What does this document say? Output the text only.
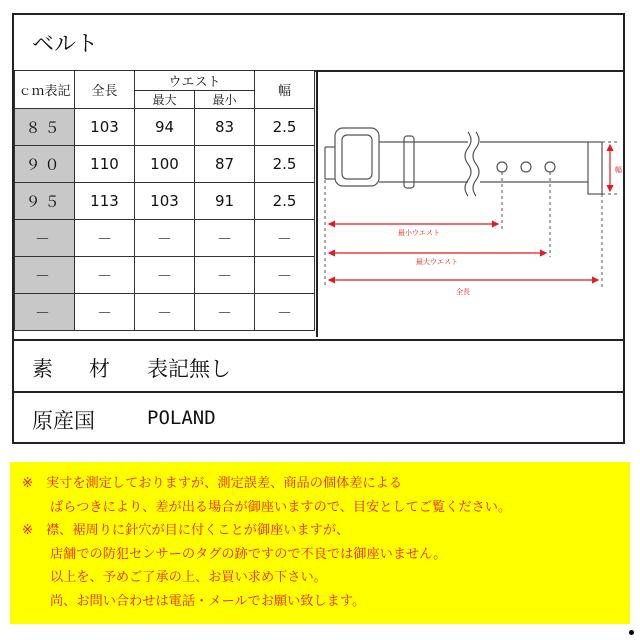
ベルト
ｃｍ表記	全長	ウエスト		幅
		最大	最小	
８５	103	94	83	2.5
９０	110	100	87	2.5
９５	113	103	91	2.5
－	－	－	－	－
－	－	－	－	－
－	－	－	－	－
最小ウエスト
最大ウエスト
全長
幅
素 材 表記無し
原産国	POLAND

※ 実寸を測定しておりますが、測定誤差、商品の個体差による

ばらつきにより、差が出る場合が御座いますので、目安としてご覧ください。

※ 襟、裾周りに針穴が目に付くことが御座いますが、

店舗での防犯センサーのタグの跡ですので不良では御座いません。

以上を、予めご了承の上、お買い求め下さい。

尚、お問い合わせは電話・メールでお願い致します。
